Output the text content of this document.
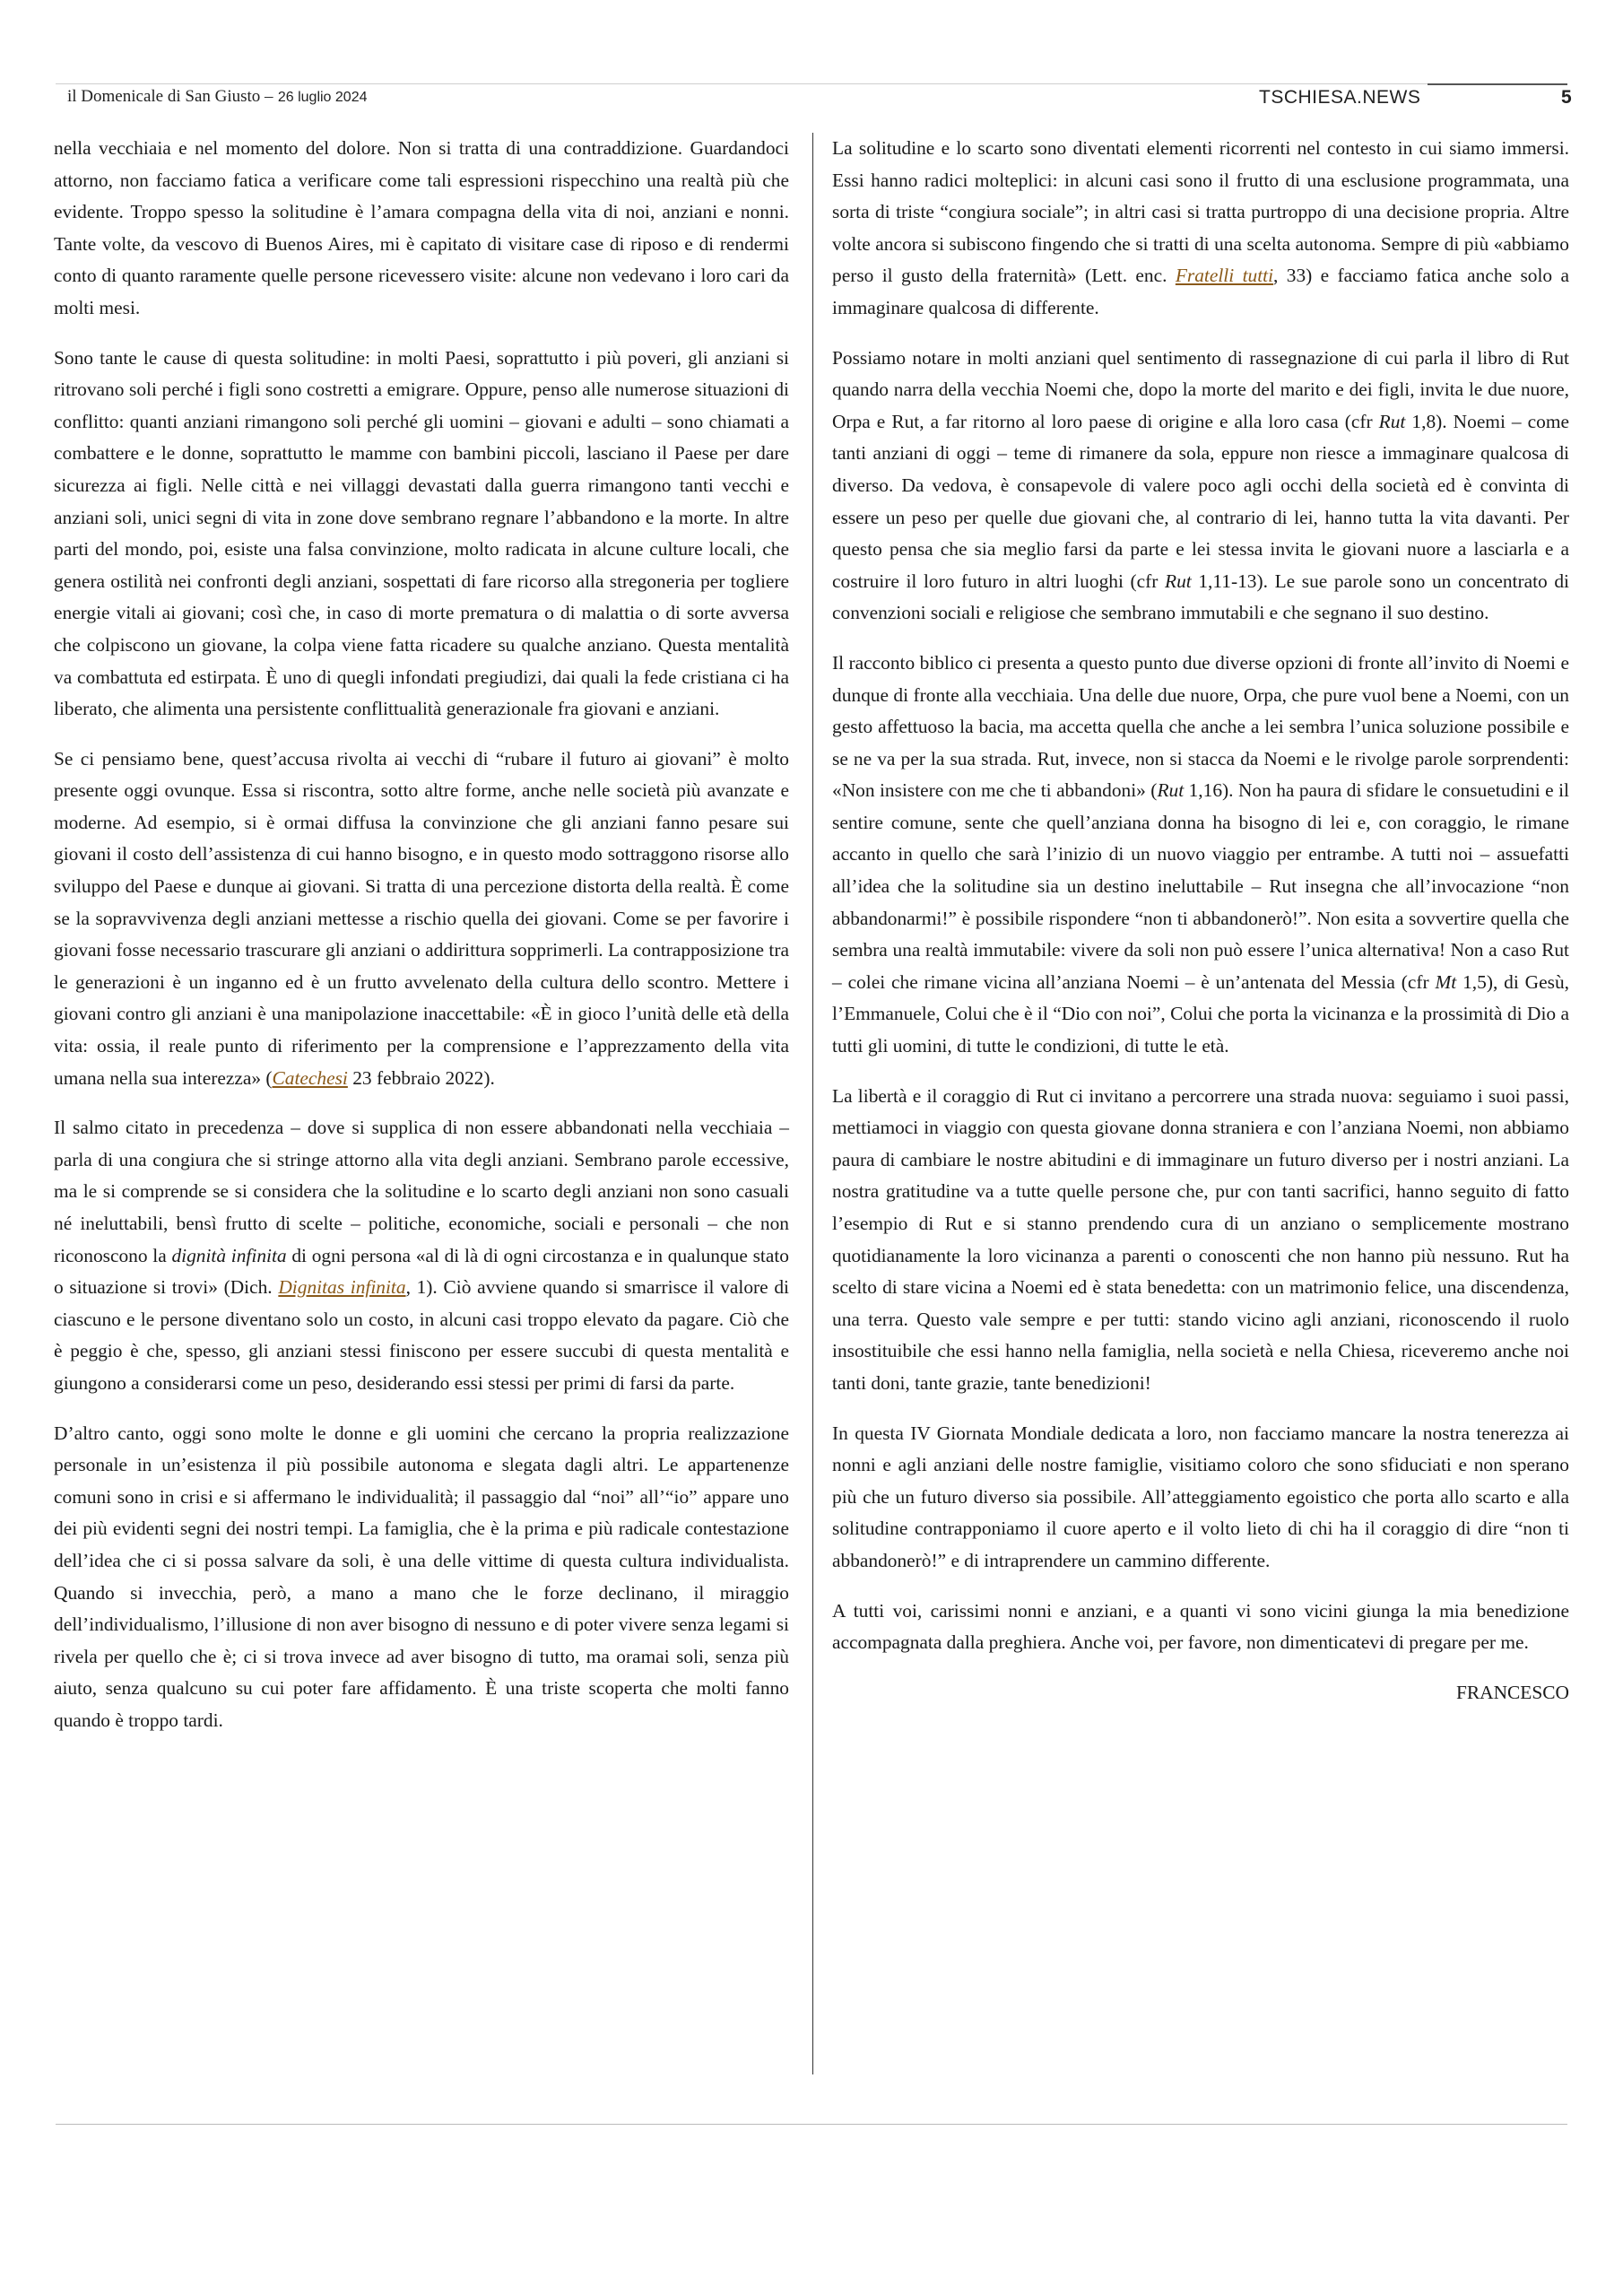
il Domenicale di San Giusto – 26 luglio 2024	TSCHIESA.NEWS	5

nella vecchiaia e nel momento del dolore. Non si tratta di una contraddizione. Guardandoci attorno, non facciamo fatica a verificare come tali espressioni rispecchino una realtà più che evidente. Troppo spesso la solitudine è l’amara compagna della vita di noi, anziani e nonni. Tante volte, da vescovo di Buenos Aires, mi è capitato di visitare case di riposo e di rendermi conto di quanto raramente quelle persone ricevessero visite: alcune non vedevano i loro cari da molti mesi.

Sono tante le cause di questa solitudine: in molti Paesi, soprattutto i più poveri, gli anziani si ritrovano soli perché i figli sono costretti a emigrare. Oppure, penso alle numerose situazioni di conflitto: quanti anziani rimangono soli perché gli uomini – giovani e adulti – sono chiamati a combattere e le donne, soprattutto le mamme con bambini piccoli, lasciano il Paese per dare sicurezza ai figli. Nelle città e nei villaggi devastati dalla guerra rimangono tanti vecchi e anziani soli, unici segni di vita in zone dove sembrano regnare l’abbandono e la morte. In altre parti del mondo, poi, esiste una falsa convinzione, molto radicata in alcune culture locali, che genera ostilità nei confronti degli anziani, sospettati di fare ricorso alla stregoneria per togliere energie vitali ai giovani; così che, in caso di morte prematura o di malattia o di sorte avversa che colpiscono un giovane, la colpa viene fatta ricadere su qualche anziano. Questa mentalità va combattuta ed estirpata. È uno di quegli infondati pregiudizi, dai quali la fede cristiana ci ha liberato, che alimenta una persistente conflittualità generazionale fra giovani e anziani.

Se ci pensiamo bene, quest’accusa rivolta ai vecchi di “rubare il futuro ai giovani” è molto presente oggi ovunque. Essa si riscontra, sotto altre forme, anche nelle società più avanzate e moderne. Ad esempio, si è ormai diffusa la convinzione che gli anziani fanno pesare sui giovani il costo dell’assistenza di cui hanno bisogno, e in questo modo sottraggono risorse allo sviluppo del Paese e dunque ai giovani. Si tratta di una percezione distorta della realtà. È come se la sopravvivenza degli anziani mettesse a rischio quella dei giovani. Come se per favorire i giovani fosse necessario trascurare gli anziani o addirittura sopprimerli. La contrapposizione tra le generazioni è un inganno ed è un frutto avvelenato della cultura dello scontro. Mettere i giovani contro gli anziani è una manipolazione inaccettabile: «È in gioco l’unità delle età della vita: ossia, il reale punto di riferimento per la comprensione e l’apprezzamento della vita umana nella sua interezza» (Catechesi 23 febbraio 2022).

Il salmo citato in precedenza – dove si supplica di non essere abbandonati nella vecchiaia – parla di una congiura che si stringe attorno alla vita degli anziani. Sembrano parole eccessive, ma le si comprende se si considera che la solitudine e lo scarto degli anziani non sono casuali né ineluttabili, bensì frutto di scelte – politiche, economiche, sociali e personali – che non riconoscono la dignità infinita di ogni persona «al di là di ogni circostanza e in qualunque stato o situazione si trovi» (Dich. Dignitas infinita, 1). Ciò avviene quando si smarrisce il valore di ciascuno e le persone diventano solo un costo, in alcuni casi troppo elevato da pagare. Ciò che è peggio è che, spesso, gli anziani stessi finiscono per essere succubi di questa mentalità e giungono a considerarsi come un peso, desiderando essi stessi per primi di farsi da parte.

D’altro canto, oggi sono molte le donne e gli uomini che cercano la propria realizzazione personale in un’esistenza il più possibile autonoma e slegata dagli altri. Le appartenenze comuni sono in crisi e si affermano le individualità; il passaggio dal “noi” all’“io” appare uno dei più evidenti segni dei nostri tempi. La famiglia, che è la prima e più radicale contestazione dell’idea che ci si possa salvare da soli, è una delle vittime di questa cultura individualista. Quando si invecchia, però, a mano a mano che le forze declinano, il miraggio dell’individualismo, l’illusione di non aver bisogno di nessuno e di poter vivere senza legami si rivela per quello che è; ci si trova invece ad aver bisogno di tutto, ma oramai soli, senza più aiuto, senza qualcuno su cui poter fare affidamento. È una triste scoperta che molti fanno quando è troppo tardi.

La solitudine e lo scarto sono diventati elementi ricorrenti nel contesto in cui siamo immersi. Essi hanno radici molteplici: in alcuni casi sono il frutto di una esclusione programmata, una sorta di triste “congiura sociale”; in altri casi si tratta purtroppo di una decisione propria. Altre volte ancora si subiscono fingendo che si tratti di una scelta autonoma. Sempre di più «abbiamo perso il gusto della fraternità» (Lett. enc. Fratelli tutti, 33) e facciamo fatica anche solo a immaginare qualcosa di differente.

Possiamo notare in molti anziani quel sentimento di rassegnazione di cui parla il libro di Rut quando narra della vecchia Noemi che, dopo la morte del marito e dei figli, invita le due nuore, Orpa e Rut, a far ritorno al loro paese di origine e alla loro casa (cfr Rut 1,8). Noemi – come tanti anziani di oggi – teme di rimanere da sola, eppure non riesce a immaginare qualcosa di diverso. Da vedova, è consapevole di valere poco agli occhi della società ed è convinta di essere un peso per quelle due giovani che, al contrario di lei, hanno tutta la vita davanti. Per questo pensa che sia meglio farsi da parte e lei stessa invita le giovani nuore a lasciarla e a costruire il loro futuro in altri luoghi (cfr Rut 1,11-13). Le sue parole sono un concentrato di convenzioni sociali e religiose che sembrano immutabili e che segnano il suo destino.

Il racconto biblico ci presenta a questo punto due diverse opzioni di fronte all’invito di Noemi e dunque di fronte alla vecchiaia. Una delle due nuore, Orpa, che pure vuol bene a Noemi, con un gesto affettuoso la bacia, ma accetta quella che anche a lei sembra l’unica soluzione possibile e se ne va per la sua strada. Rut, invece, non si stacca da Noemi e le rivolge parole sorprendenti: «Non insistere con me che ti abbandoni» (Rut 1,16). Non ha paura di sfidare le consuetudini e il sentire comune, sente che quell’anziana donna ha bisogno di lei e, con coraggio, le rimane accanto in quello che sarà l’inizio di un nuovo viaggio per entrambe. A tutti noi – assuefatti all’idea che la solitudine sia un destino ineluttabile – Rut insegna che all’invocazione “non abbandonarmi!” è possibile rispondere “non ti abbandonerò!”. Non esita a sovvertire quella che sembra una realtà immutabile: vivere da soli non può essere l’unica alternativa! Non a caso Rut – colei che rimane vicina all’anziana Noemi – è un’antenata del Messia (cfr Mt 1,5), di Gesù, l’Emmanuele, Colui che è il “Dio con noi”, Colui che porta la vicinanza e la prossimità di Dio a tutti gli uomini, di tutte le condizioni, di tutte le età.

La libertà e il coraggio di Rut ci invitano a percorrere una strada nuova: seguiamo i suoi passi, mettiamoci in viaggio con questa giovane donna straniera e con l’anziana Noemi, non abbiamo paura di cambiare le nostre abitudini e di immaginare un futuro diverso per i nostri anziani. La nostra gratitudine va a tutte quelle persone che, pur con tanti sacrifici, hanno seguito di fatto l’esempio di Rut e si stanno prendendo cura di un anziano o semplicemente mostrano quotidianamente la loro vicinanza a parenti o conoscenti che non hanno più nessuno. Rut ha scelto di stare vicina a Noemi ed è stata benedetta: con un matrimonio felice, una discendenza, una terra. Questo vale sempre e per tutti: stando vicino agli anziani, riconoscendo il ruolo insostituibile che essi hanno nella famiglia, nella società e nella Chiesa, riceveremo anche noi tanti doni, tante grazie, tante benedizioni!

In questa IV Giornata Mondiale dedicata a loro, non facciamo mancare la nostra tenerezza ai nonni e agli anziani delle nostre famiglie, visitiamo coloro che sono sfiduciati e non sperano più che un futuro diverso sia possibile. All’atteggiamento egoistico che porta allo scarto e alla solitudine contrapponiamo il cuore aperto e il volto lieto di chi ha il coraggio di dire “non ti abbandonerò!” e di intraprendere un cammino differente.

A tutti voi, carissimi nonni e anziani, e a quanti vi sono vicini giunga la mia benedizione accompagnata dalla preghiera. Anche voi, per favore, non dimenticatevi di pregare per me.

FRANCESCO
